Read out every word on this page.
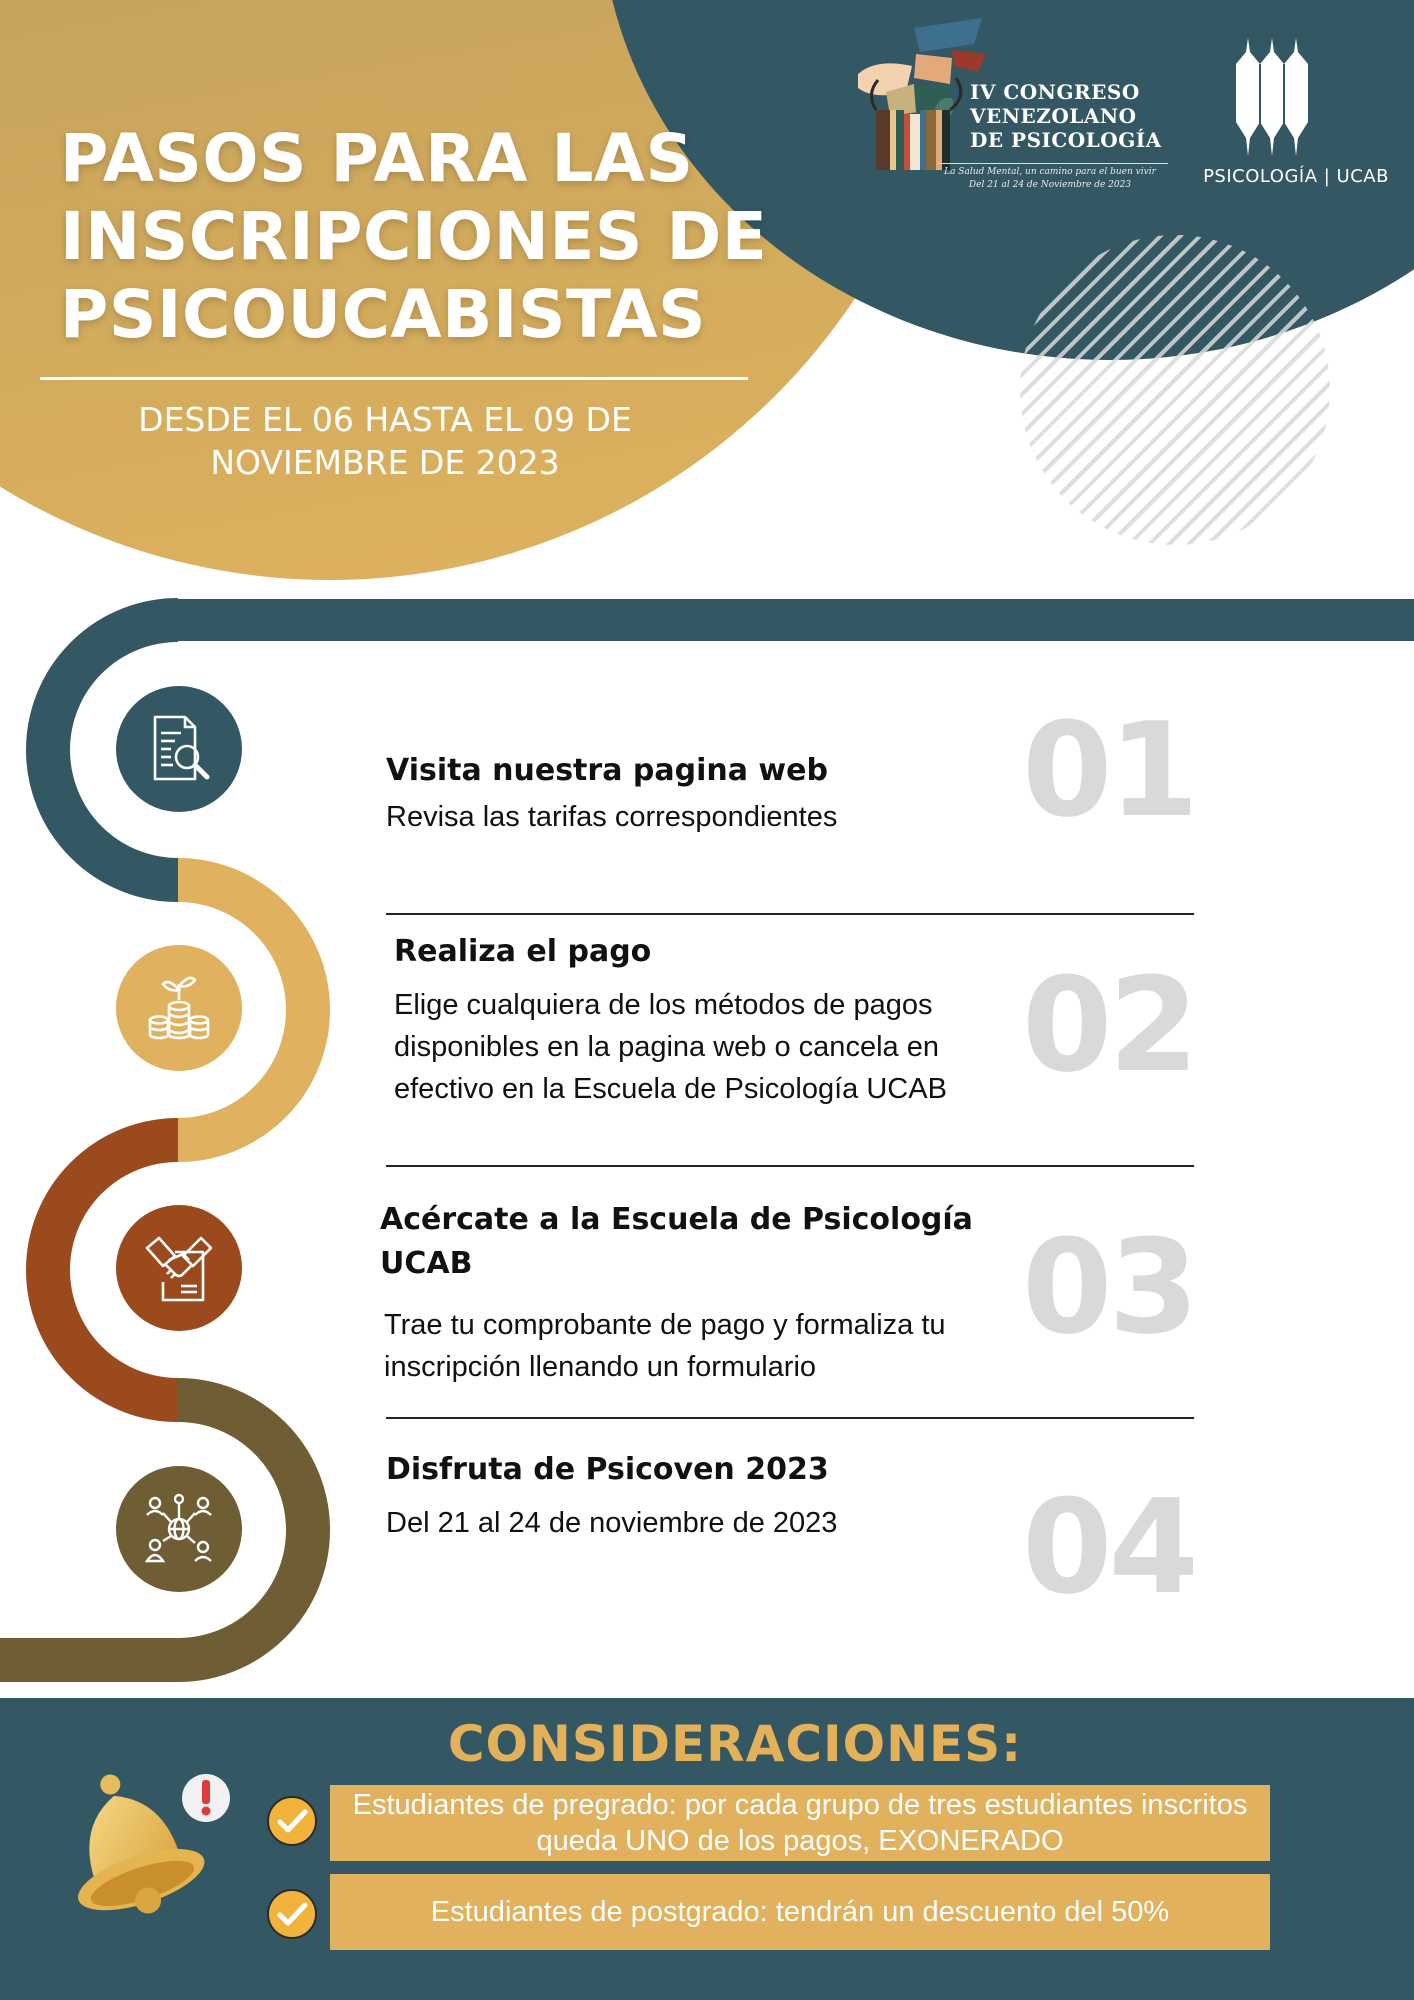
PASOS PARA LAS
INSCRIPCIONES DE
PSICOUCABISTAS
DESDE EL 06 HASTA EL 09 DE
NOVIEMBRE DE 2023
IV CONGRESO
VENEZOLANO
DE PSICOLOGÍA
La Salud Mental, un camino para el buen vivir
Del 21 al 24 de Noviembre de 2023	PSICOLOGÍA | UCAB
Visita nuestra pagina web
Revisa las tarifas correspondientes	01
Realiza el pago
Elige cualquiera de los métodos de pagos disponibles en la pagina web o cancela en efectivo en la Escuela de Psicología UCAB 02
Acércate a la Escuela de Psicología UCAB
Trae tu comprobante de pago y formaliza tu inscripción llenando un formulario
03
Disfruta de Psicoven 2023
Del 21 al 24 de noviembre de 2023	04
CONSIDERACIONES:
Estudiantes de pregrado: por cada grupo de tres estudiantes inscritos queda UNO de los pagos, EXONERADO
Estudiantes de postgrado: tendrán un descuento del 50%
